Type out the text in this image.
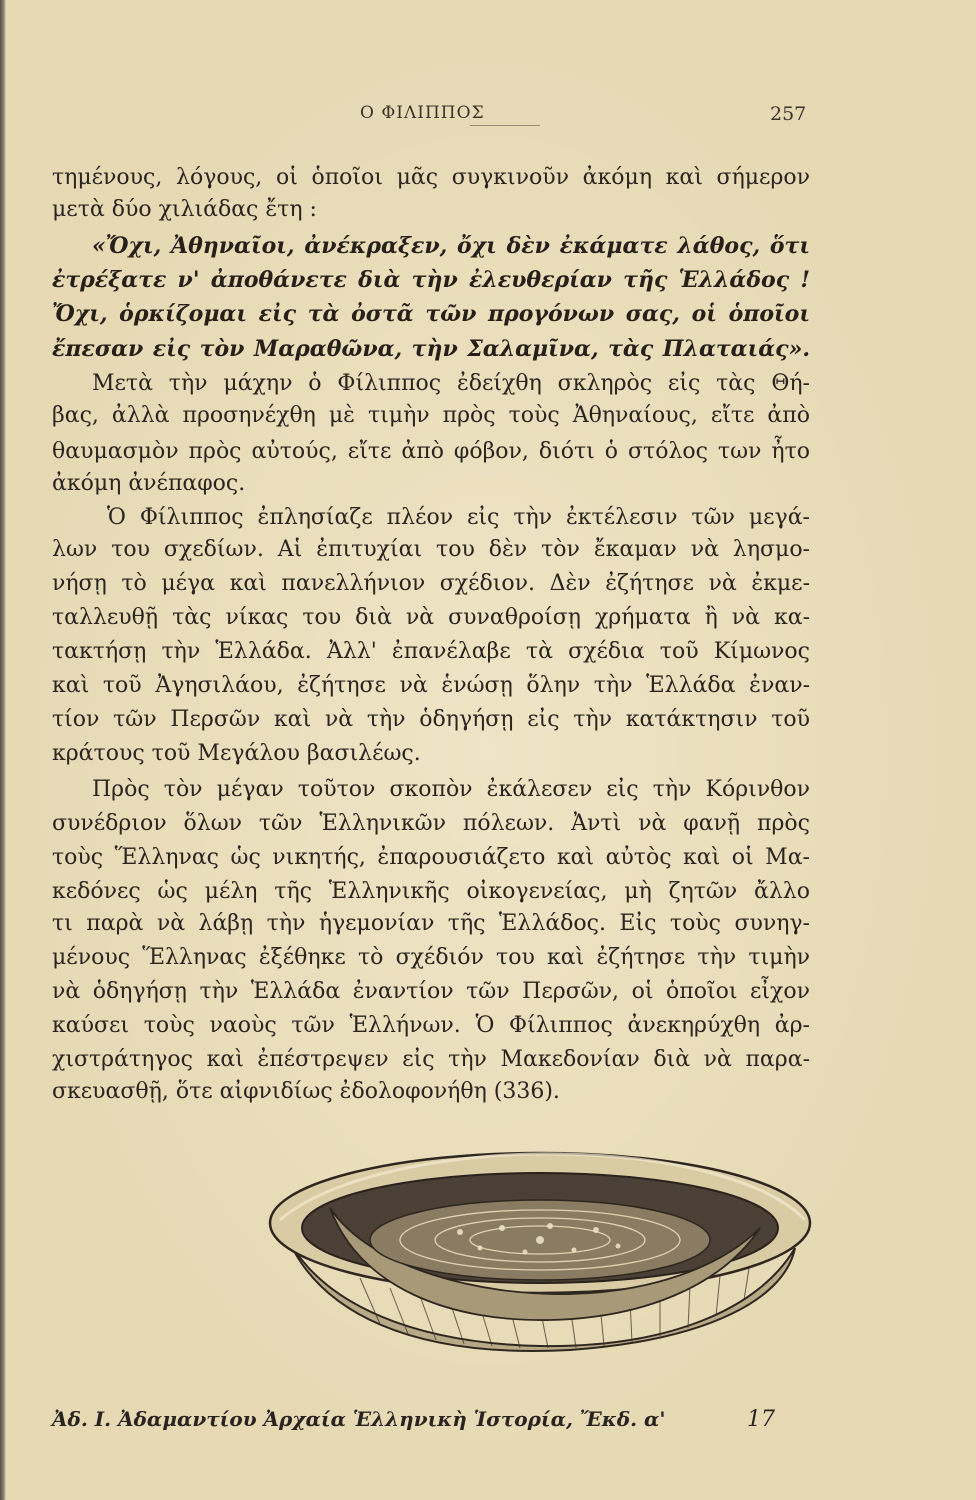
Ο ΦΙΛΙΠΠΟΣ	257
τημένους, λόγους, οἱ ὁποῖοι μᾶς συγκινοῦν ἀκόμη καὶ σήμερον
μετὰ δύο χιλιάδας ἔτη :
«Ὄχι, Ἀθηναῖοι, ἀνέκραξεν, ὄχι δὲν ἐκάματε λάθος, ὅτι
ἐτρέξατε ν' ἀποθάνετε διὰ τὴν ἐλευθερίαν τῆς Ἑλλάδος !
Ὄχι, ὁρκίζομαι εἰς τὰ ὀστᾶ τῶν προγόνων σας, οἱ ὁποῖοι
ἔπεσαν εἰς τὸν Μαραθῶνα, τὴν Σαλαμῖνα, τὰς Πλαταιάς».
Μετὰ τὴν μάχην ὁ Φίλιππος ἐδείχθη σκληρὸς εἰς τὰς Θή-
βας, ἀλλὰ προσηνέχθη μὲ τιμὴν πρὸς τοὺς Ἀθηναίους, εἴτε ἀπὸ
θαυμασμὸν πρὸς αὐτούς, εἴτε ἀπὸ φόβον, διότι ὁ στόλος των ἦτο
ἀκόμη ἀνέπαφος.
Ὁ Φίλιππος ἐπλησίαζε πλέον εἰς τὴν ἐκτέλεσιν τῶν μεγά-
λων του σχεδίων. Αἱ ἐπιτυχίαι του δὲν τὸν ἔκαμαν νὰ λησμο-
νήσῃ τὸ μέγα καὶ πανελλήνιον σχέδιον. Δὲν ἐζήτησε νὰ ἐκμε-
ταλλευθῇ τὰς νίκας του διὰ νὰ συναθροίσῃ χρήματα ἢ νὰ κα-
τακτήσῃ τὴν Ἑλλάδα. Ἀλλ' ἐπανέλαβε τὰ σχέδια τοῦ Κίμωνος
καὶ τοῦ Ἀγησιλάου, ἐζήτησε νὰ ἑνώσῃ ὅλην τὴν Ἑλλάδα ἐναν-
τίον τῶν Περσῶν καὶ νὰ τὴν ὁδηγήσῃ εἰς τὴν κατάκτησιν τοῦ
κράτους τοῦ Μεγάλου βασιλέως.
Πρὸς τὸν μέγαν τοῦτον σκοπὸν ἐκάλεσεν εἰς τὴν Κόρινθον
συνέδριον ὅλων τῶν Ἑλληνικῶν πόλεων. Ἀντὶ νὰ φανῇ πρὸς
τοὺς Ἕλληνας ὡς νικητής, ἐπαρουσιάζετο καὶ αὐτὸς καὶ οἱ Μα-
κεδόνες ὡς μέλη τῆς Ἑλληνικῆς οἰκογενείας, μὴ ζητῶν ἄλλο
τι παρὰ νὰ λάβῃ τὴν ἡγεμονίαν τῆς Ἑλλάδος. Εἰς τοὺς συνηγ-
μένους Ἕλληνας ἐξέθηκε τὸ σχέδιόν του καὶ ἐζήτησε τὴν τιμὴν
νὰ ὁδηγήσῃ τὴν Ἑλλάδα ἐναντίον τῶν Περσῶν, οἱ ὁποῖοι εἶχον
καύσει τοὺς ναοὺς τῶν Ἑλλήνων. Ὁ Φίλιππος ἀνεκηρύχθη ἀρ-
χιστράτηγος καὶ ἐπέστρεψεν εἰς τὴν Μακεδονίαν διὰ νὰ παρα-
σκευασθῇ, ὅτε αἰφνιδίως ἐδολοφονήθη (336).
Ἀδ. Ι. Ἀδαμαντίου Ἀρχαία Ἑλληνικὴ Ἱστορία, Ἔκδ. α'	17
